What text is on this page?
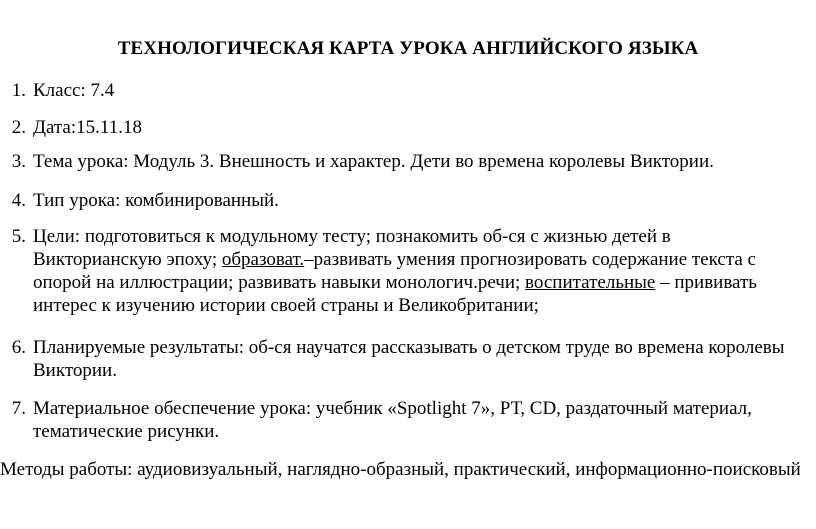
ТЕХНОЛОГИЧЕСКАЯ КАРТА УРОКА АНГЛИЙСКОГО ЯЗЫКА
1. Класс: 7.4
2. Дата:15.11.18
3. Тема урока: Модуль 3. Внешность и характер. Дети во времена королевы Виктории.
4. Тип урока: комбинированный.
5. Цели: подготовиться к модульному тесту; познакомить об-ся с жизнью детей в Викторианскую эпоху; образоват.–развивать умения прогнозировать содержание текста с опорой на иллюстрации; развивать навыки монологич.речи; воспитательные – прививать интерес к изучению истории своей страны и Великобритании;
6. Планируемые результаты: об-ся научатся рассказывать о детском труде во времена королевы Виктории.
7. Материальное обеспечение урока: учебник «Spotlight 7», РТ, CD, раздаточный материал, тематические рисунки.
Методы работы: аудиовизуальный, наглядно-образный, практический, информационно-поисковый
